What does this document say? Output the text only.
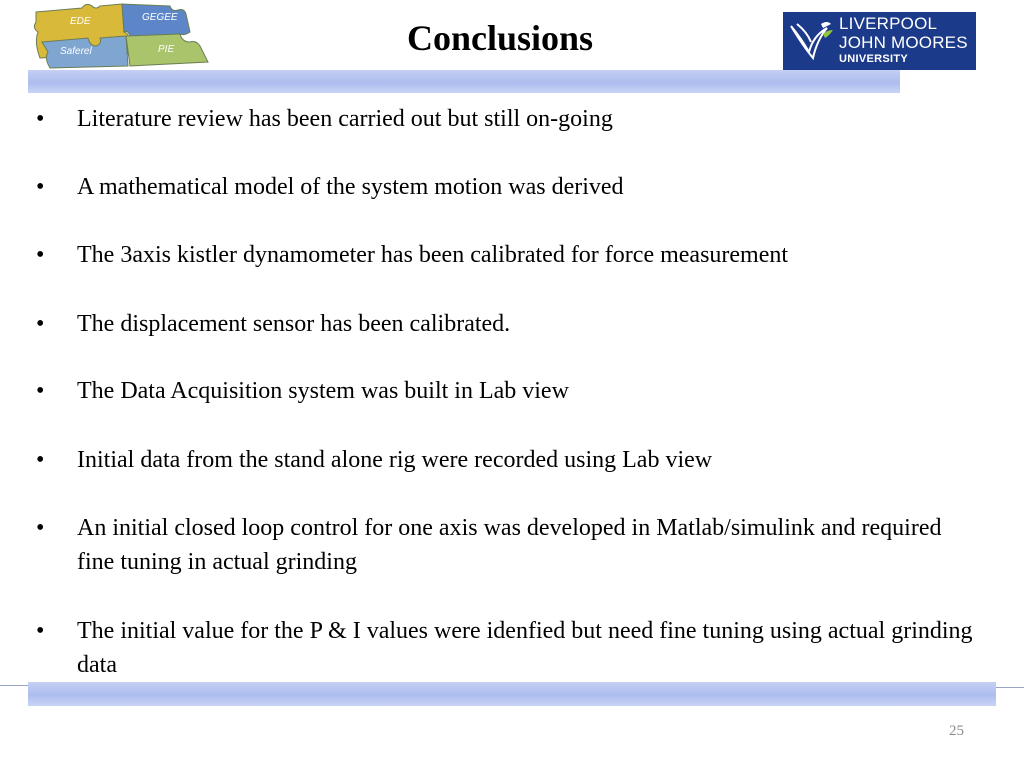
EDE	GEGEE
Saferel	PIE	Conclusions	LIVERPOOL
JOHN MOORES
UNIVERSITY
• Literature review has been carried out but still on-going
• A mathematical model of the system motion was derived
• The 3axis kistler dynamometer has been calibrated for force measurement
• The displacement sensor has been calibrated.
• The Data Acquisition system was built in Lab view
• Initial data from the stand alone rig were recorded using Lab view
• An initial closed loop control for one axis was developed in Matlab/simulink and required fine tuning in actual grinding
• The initial value for the P & I values were idenfied but need fine tuning using actual grinding data
25
